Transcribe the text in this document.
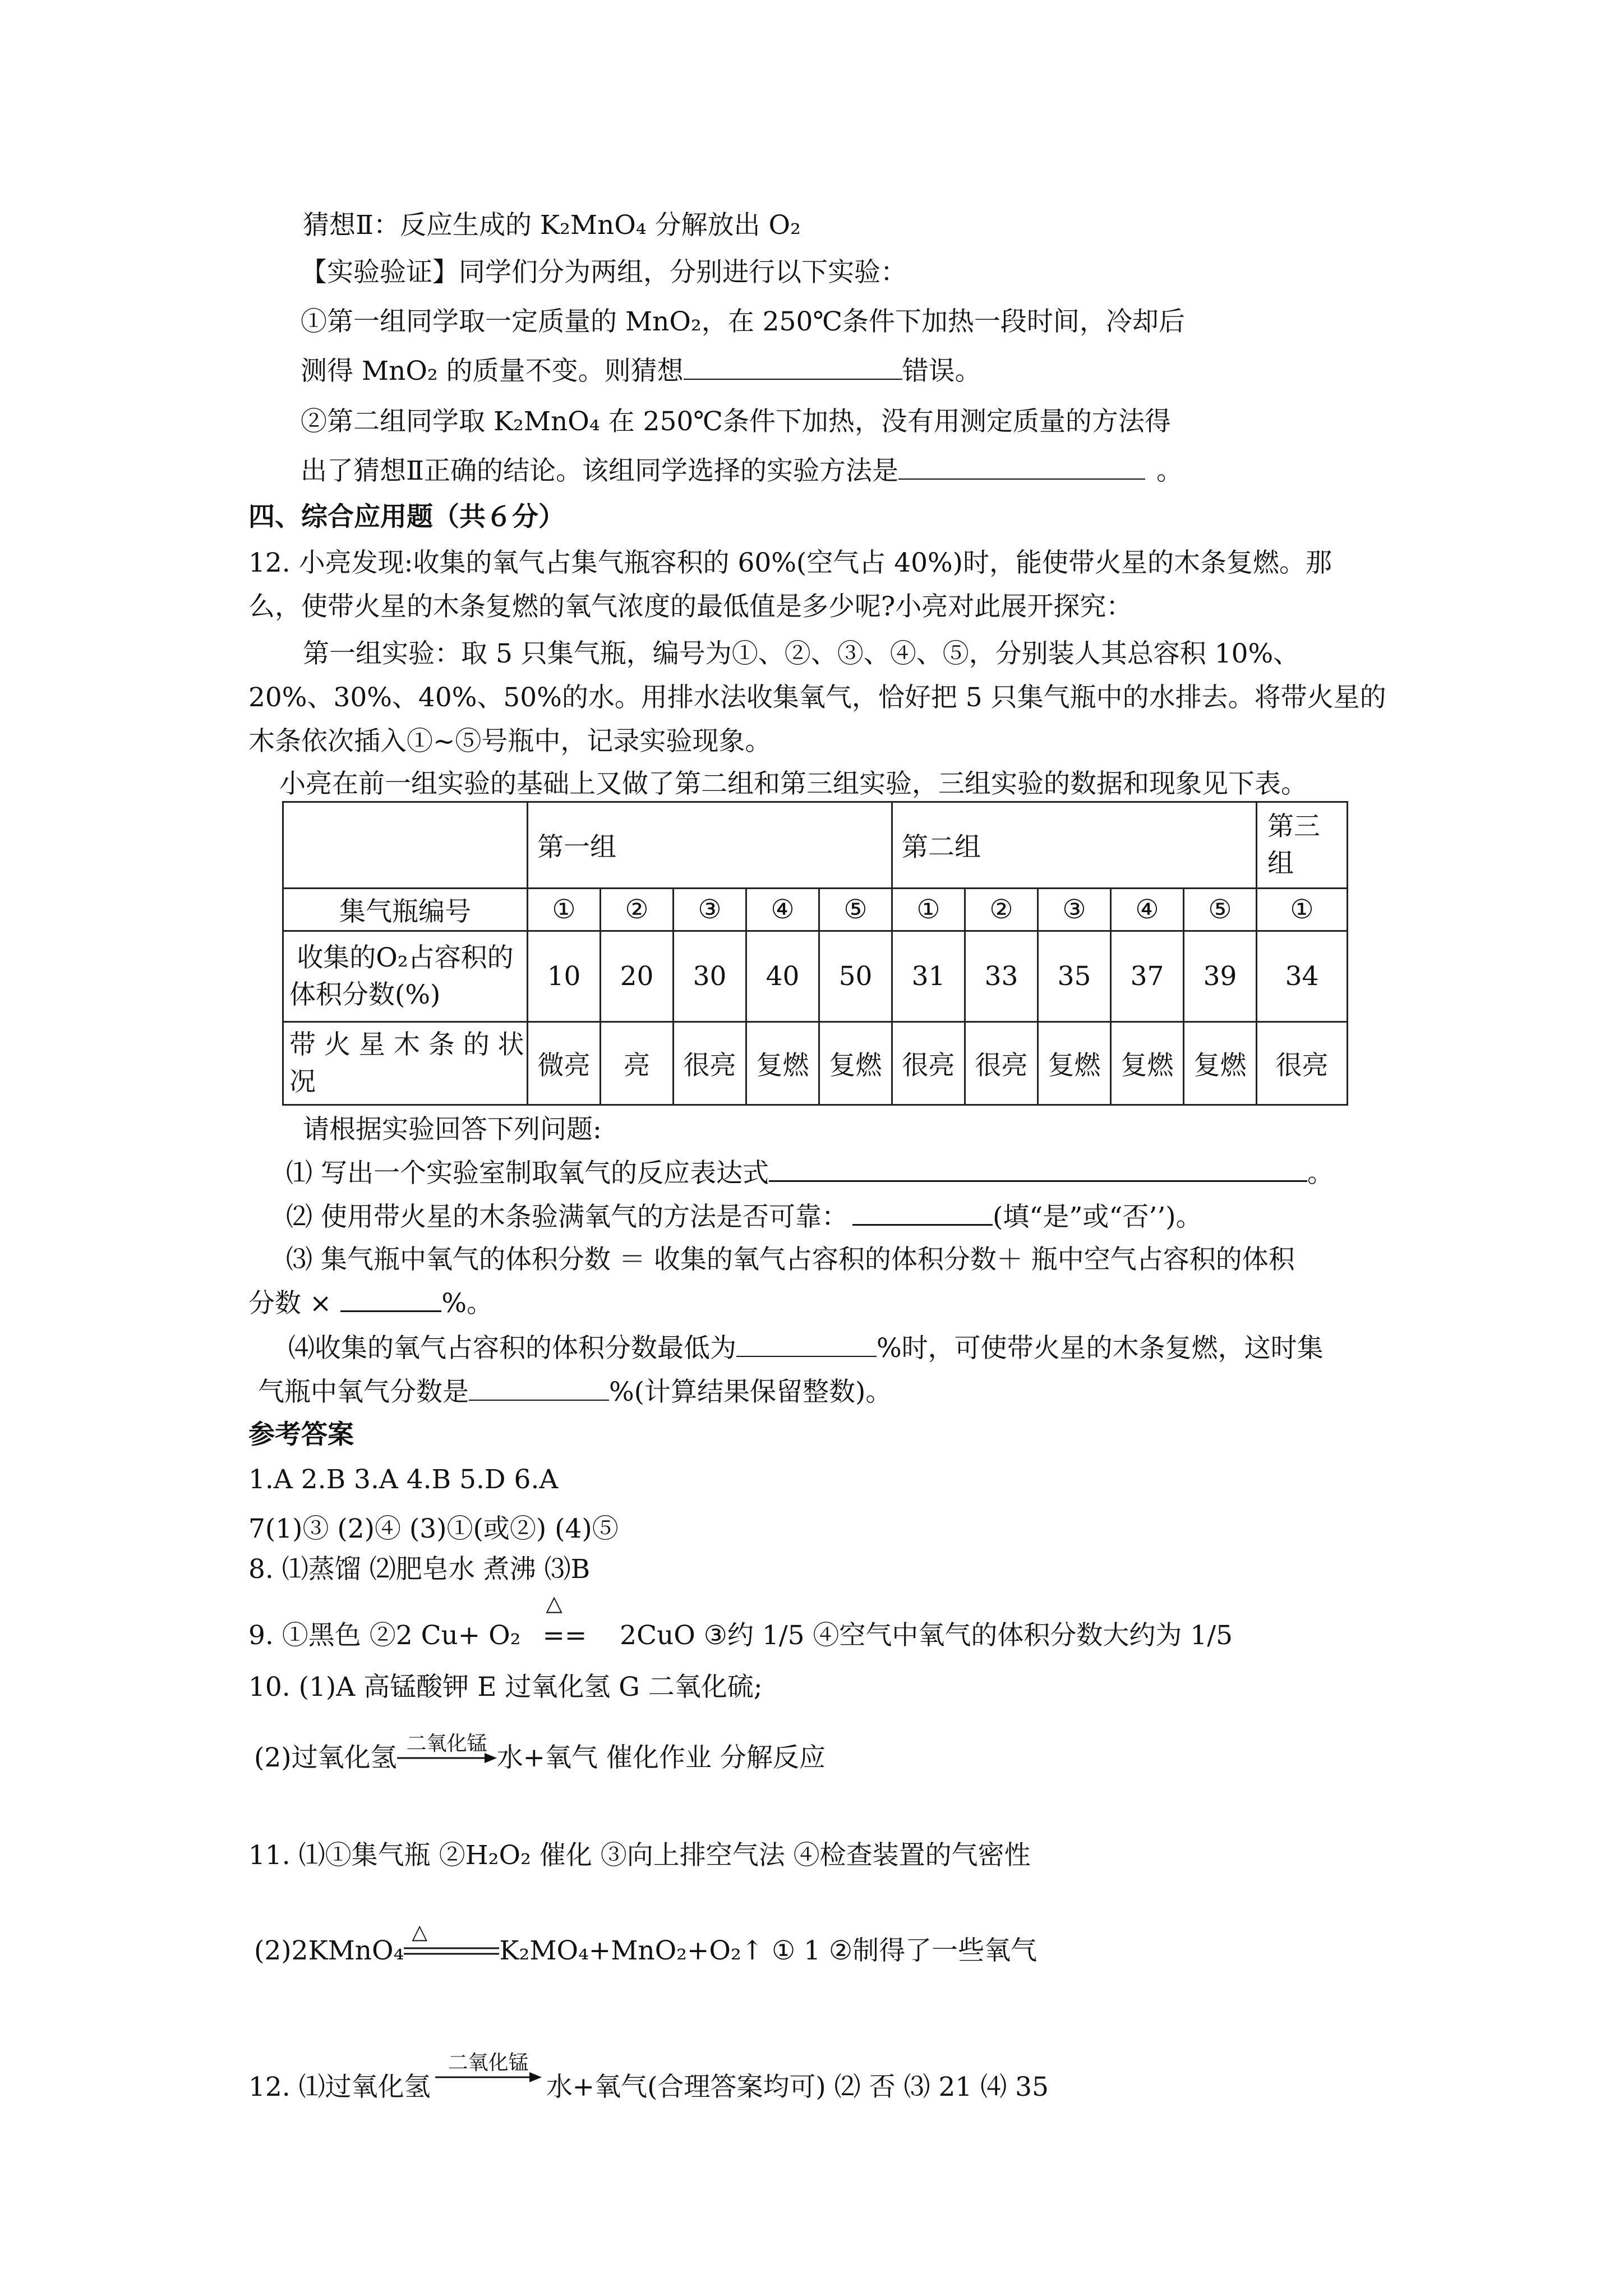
猜想Ⅱ：反应生成的 K₂MnO₄ 分解放出 O₂
【实验验证】同学们分为两组，分别进行以下实验：
①第一组同学取一定质量的 MnO₂，在 250℃条件下加热一段时间，冷却后
测得 MnO₂ 的质量不变。则猜想	错误。
②第二组同学取 K₂MnO₄ 在 250℃条件下加热，没有用测定质量的方法得
出了猜想Ⅱ正确的结论。该组同学选择的实验方法是	。
四、综合应用题（共６分）
12. 小亮发现:收集的氧气占集气瓶容积的 60%(空气占 40%)时，能使带火星的木条复燃。那
么，使带火星的木条复燃的氧气浓度的最低值是多少呢?小亮对此展开探究：
第一组实验：取 5 只集气瓶，编号为①、②、③、④、⑤，分别装人其总容积 10%、
20%、30%、40%、50%的水。用排水法收集氧气，恰好把 5 只集气瓶中的水排去。将带火星的
木条依次插入①~⑤号瓶中，记录实验现象。
小亮在前一组实验的基础上又做了第二组和第三组实验，三组实验的数据和现象见下表。
	第一组					第二组					第三
组
集气瓶编号	①	②	③	④	⑤	①	②	③	④	⑤	①
收集的O₂占容积的
体积分数(%)	10	20	30	40	50	31	33	35	37	39	34
带 火 星 木 条 的 状
况	微亮	亮	很亮	复燃	复燃	很亮	很亮	复燃	复燃	复燃	很亮
请根据实验回答下列问题:
⑴ 写出一个实验室制取氧气的反应表达式	。
⑵ 使用带火星的木条验满氧气的方法是否可靠：	(填“是”或“否’’)。
⑶ 集气瓶中氧气的体积分数 ＝ 收集的氧气占容积的体积分数＋ 瓶中空气占容积的体积
分数 ×	%。
⑷收集的氧气占容积的体积分数最低为	%时，可使带火星的木条复燃，这时集
气瓶中氧气分数是	%(计算结果保留整数)。
参考答案
1.A 2.B 3.A 4.B 5.D 6.A
7(1)③ (2)④ (3)①(或②) (4)⑤
8. ⑴蒸馏 ⑵肥皂水 煮沸 ⑶B
9. ①黑色 ②2 Cu+ O₂
△
== 2CuO ③约 1/5 ④空气中氧气的体积分数大约为 1/5
10. (1)A 高锰酸钾 E 过氧化氢 G 二氧化硫;
(2)过氧化氢 二氧化锰 水+氧气 催化作业 分解反应
11. ⑴①集气瓶 ②H₂O₂ 催化 ③向上排空气法 ④检查装置的气密性
(2)2KMnO₄
△
K₂MO₄+MnO₂+O₂↑ ① 1 ②制得了一些氧气
12. ⑴过氧化氢
二氧化锰
水+氧气(合理答案均可) ⑵ 否 ⑶ 21 ⑷ 35
